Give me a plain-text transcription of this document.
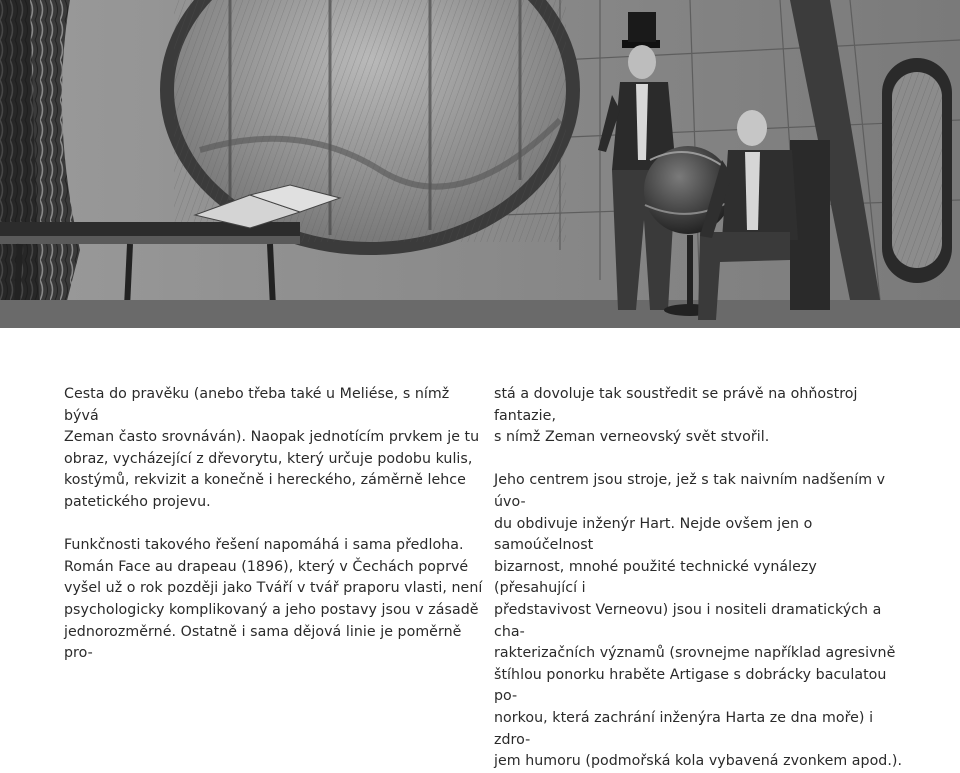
Cesta do pravěku (anebo třeba také u Meliése, s nímž bývá
Zeman často srovnáván). Naopak jednotícím prvkem je tu
obraz, vycházející z dřevorytu, který určuje podobu kulis,
kostýmů, rekvizit a konečně i hereckého, záměrně lehce
patetického projevu.

Funkčnosti takového řešení napomáhá i sama předloha.
Román Face au drapeau (1896), který v Čechách poprvé
vyšel už o rok později jako Tváří v tvář praporu vlasti, není
psychologicky komplikovaný a jeho postavy jsou v zásadě
jednorozměrné. Ostatně i sama dějová linie je poměrně pro-

stá a dovoluje tak soustředit se právě na ohňostroj fantazie,
s nímž Zeman verneovský svět stvořil.

Jeho centrem jsou stroje, jež s tak naivním nadšením v úvo-
du obdivuje inženýr Hart. Nejde ovšem jen o samoúčelnost
bizarnost, mnohé použité technické vynálezy (přesahující i
představivost Verneovu) jsou i nositeli dramatických a cha-
rakterizačních významů (srovnejme například agresivně
štíhlou ponorku hraběte Artigase s dobrácky baculatou po-
norkou, která zachrání inženýra Harta ze dna moře) i zdro-
jem humoru (podmořská kola vybavená zvonkem apod.).
